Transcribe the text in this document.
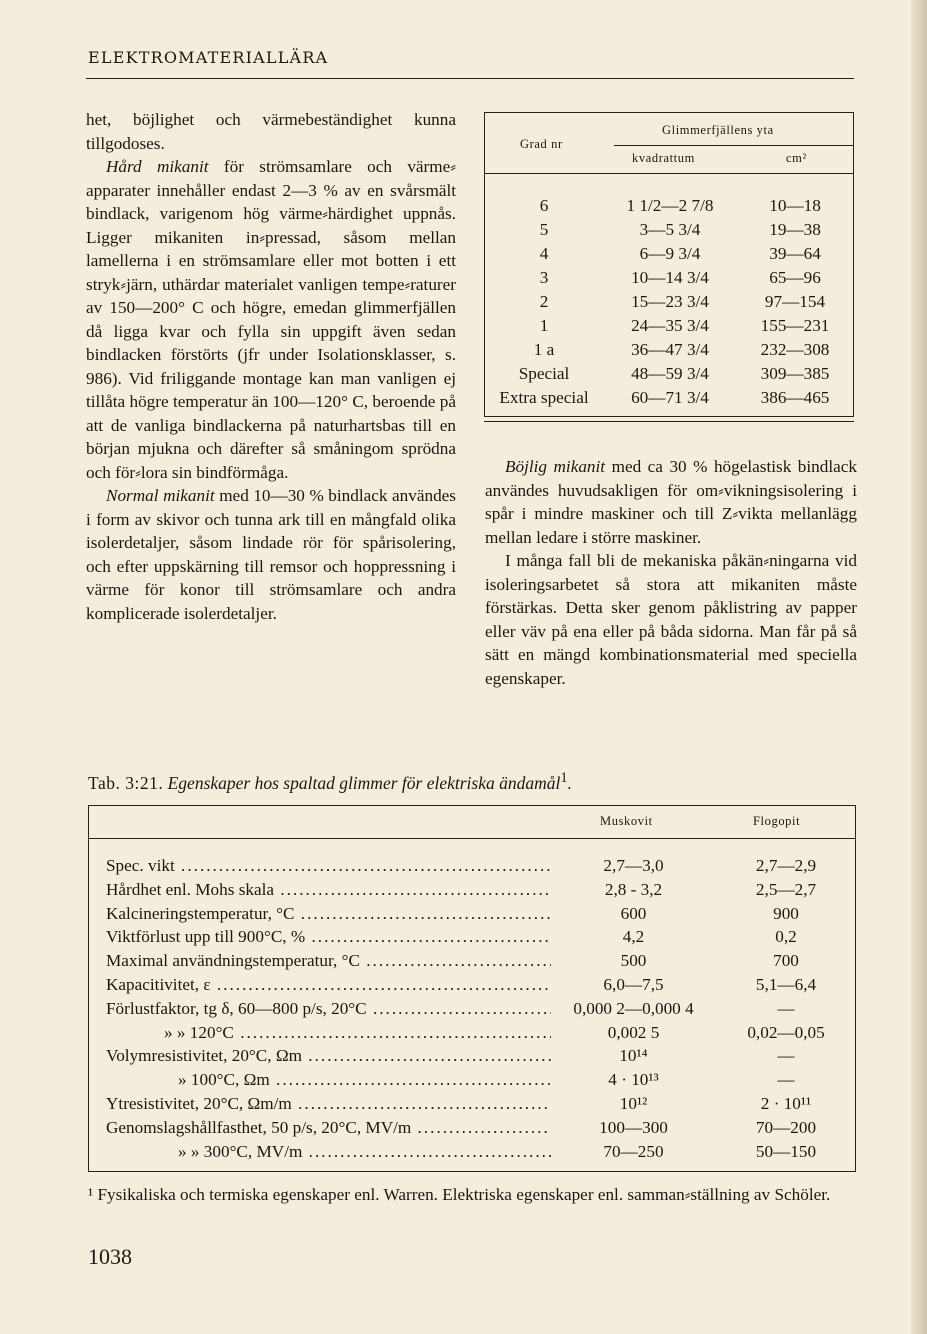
ELEKTROMATERIALLÄRA

het, böjlighet och värmebeständighet kunna tillgodoses.

Hård mikanit för strömsamlare och värme⸗apparater innehåller endast 2—3 % av en svårsmält bindlack, varigenom hög värme⸗härdighet uppnås. Ligger mikaniten in⸗pressad, såsom mellan lamellerna i en strömsamlare eller mot botten i ett stryk⸗järn, uthärdar materialet vanligen tempe⸗raturer av 150—200° C och högre, emedan glimmerfjällen då ligga kvar och fylla sin uppgift även sedan bindlacken förstörts (jfr under Isolationsklasser, s. 986). Vid friliggande montage kan man vanligen ej tillåta högre temperatur än 100—120° C, beroende på att de vanliga bindlackerna på naturhartsbas till en början mjukna och därefter så småningom sprödna och för⸗lora sin bindförmåga.

Normal mikanit med 10—30 % bindlack användes i form av skivor och tunna ark till en mångfald olika isolerdetaljer, såsom lindade rör för spårisolering, och efter uppskärning till remsor och hoppressning i värme för konor till strömsamlare och andra komplicerade isolerdetaljer.

Grad nr
Glimmerfjällens yta
kvadrattum	cm²
6	1 1/2—2 7/8	10—18
5	3—5 3/4	19—38
4	6—9 3/4	39—64
3	10—14 3/4	65—96
2	15—23 3/4	97—154
1	24—35 3/4	155—231
1 a	36—47 3/4	232—308
Special	48—59 3/4	309—385
Extra special	60—71 3/4	386—465

Böjlig mikanit med ca 30 % högelastisk bindlack användes huvudsakligen för om⸗vikningsisolering i spår i mindre maskiner och till Z⸗vikta mellanlägg mellan ledare i större maskiner.

I många fall bli de mekaniska påkän⸗ningarna vid isoleringsarbetet så stora att mikaniten måste förstärkas. Detta sker genom påklistring av papper eller väv på ena eller på båda sidorna. Man får på så sätt en mängd kombinationsmaterial med speciella egenskaper.

Tab. 3:21. Egenskaper hos spaltad glimmer för elektriska ändamål$^1$.
Muskovit	Flogopit
Spec. vikt .....	2,7—3,0	2,7—2,9
Hårdhet enl. Mohs skala .....	2,8 - 3,2	2,5—2,7
Kalcineringstemperatur, °C .....	600	900
Viktförlust upp till 900°C, % .....	4,2	0,2
Maximal användningstemperatur, °C .....	500	700
Kapacitivitet, ε .....	6,0—7,5	5,1—6,4
Förlustfaktor, tg δ, 60—800 p/s, 20°C .....	0,000 2—0,000 4	—
» » 120°C .....	0,002 5	0,02—0,05
Volymresistivitet, 20°C, Ωm .....	10¹⁴	—
» 100°C, Ωm .....	4 · 10¹³	—
Ytresistivitet, 20°C, Ωm/m .....	10¹²	2 · 10¹¹
Genomslagshållfasthet, 50 p/s, 20°C, MV/m .....	100—300	70—200
» » 300°C, MV/m .....	70—250	50—150
¹ Fysikaliska och termiska egenskaper enl. Warren. Elektriska egenskaper enl. samman⸗ställning av Schöler.
1038
